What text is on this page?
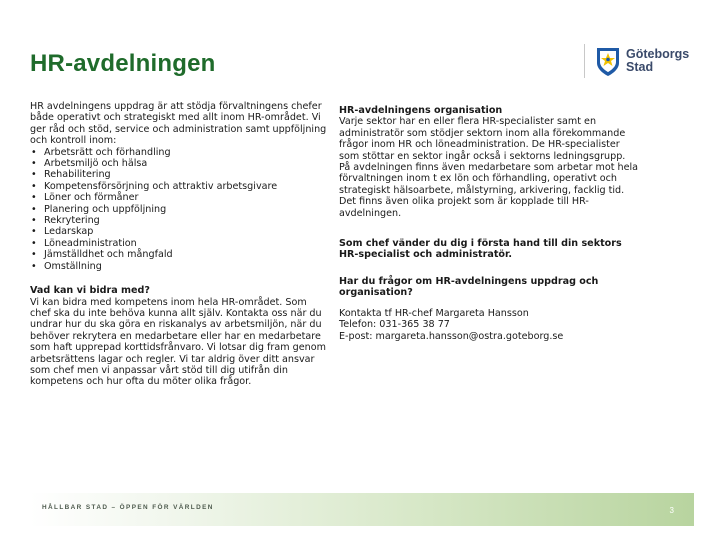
HR-avdelningen	Göteborgs
Stad

HR avdelningens uppdrag är att stödja förvaltningens chefer både operativt och strategiskt med allt inom HR-området. Vi ger råd och stöd, service och administration samt uppföljning och kontroll inom:

• Arbetsrätt och förhandling
• Arbetsmiljö och hälsa
• Rehabilitering
• Kompetensförsörjning och attraktiv arbetsgivare
• Löner och förmåner
• Planering och uppföljning
• Rekrytering
• Ledarskap
• Löneadministration
• Jämställdhet och mångfald
• Omställning

Vad kan vi bidra med?

Vi kan bidra med kompetens inom hela HR-området. Som chef ska du inte behöva kunna allt själv. Kontakta oss när du undrar hur du ska göra en riskanalys av arbetsmiljön, när du behöver rekrytera en medarbetare eller har en medarbetare som haft upprepad korttidsfrånvaro. Vi lotsar dig fram genom arbetsrättens lagar och regler. Vi tar aldrig över ditt ansvar som chef men vi anpassar vårt stöd till dig utifrån din kompetens och hur ofta du möter olika frågor.

HR-avdelningens organisation

Varje sektor har en eller flera HR-specialister samt en administratör som stödjer sektorn inom alla förekommande frågor inom HR och löneadministration. De HR-specialister som stöttar en sektor ingår också i sektorns ledningsgrupp. På avdelningen finns även medarbetare som arbetar mot hela förvaltningen inom t ex lön och förhandling, operativt och strategiskt hälsoarbete, målstyrning, arkivering, facklig tid. Det finns även olika projekt som är kopplade till HR-avdelningen.

Som chef vänder du dig i första hand till din sektors HR-specialist och administratör.

Har du frågor om HR-avdelningens uppdrag och organisation?

Kontakta tf HR-chef Margareta Hansson

Telefon: 031-365 38 77

E-post: margareta.hansson@ostra.goteborg.se

HÅLLBAR STAD – ÖPPEN FÖR VÄRLDEN	3
